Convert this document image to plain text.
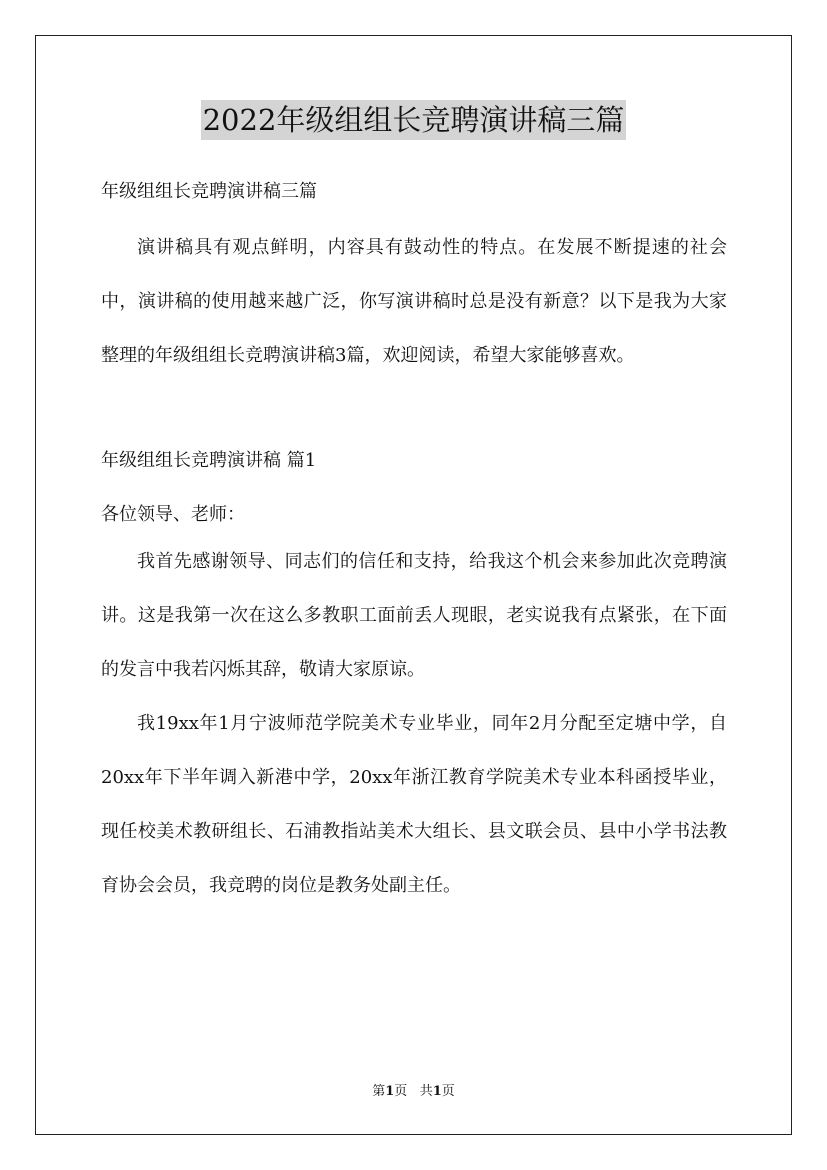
2022年级组组长竞聘演讲稿三篇
年级组组长竞聘演讲稿三篇

演讲稿具有观点鲜明，内容具有鼓动性的特点。在发展不断提速的社会中，演讲稿的使用越来越广泛，你写演讲稿时总是没有新意？以下是我为大家整理的年级组组长竞聘演讲稿3篇，欢迎阅读，希望大家能够喜欢。

年级组组长竞聘演讲稿 篇1
各位领导、老师：

我首先感谢领导、同志们的信任和支持，给我这个机会来参加此次竞聘演讲。这是我第一次在这么多教职工面前丢人现眼，老实说我有点紧张，在下面的发言中我若闪烁其辞，敬请大家原谅。

我19xx年1月宁波师范学院美术专业毕业，同年2月分配至定塘中学，自20xx年下半年调入新港中学，20xx年浙江教育学院美术专业本科函授毕业，现任校美术教研组长、石浦教指站美术大组长、县文联会员、县中小学书法教育协会会员，我竞聘的岗位是教务处副主任。

第1页 共1页
